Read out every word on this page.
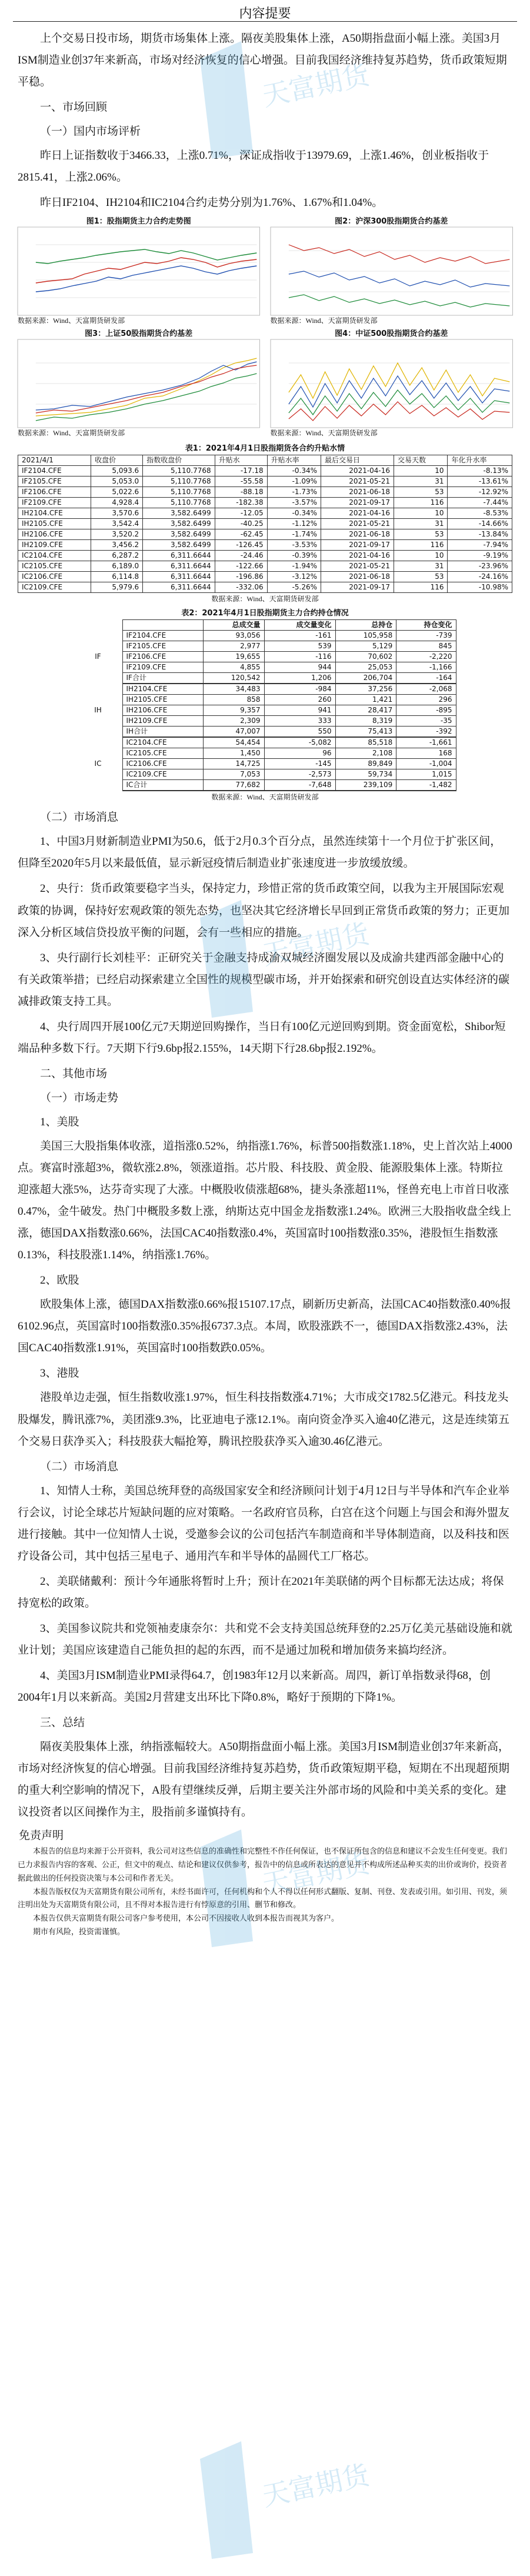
内容提要

上个交易日投市场，期货市场集体上涨。隔夜美股集体上涨，A50期指盘面小幅上涨。美国3月ISM制造业创37年来新高，市场对经济恢复的信心增强。目前我国经济维持复苏趋势，货币政策短期平稳。

一、市场回顾
（一）国内市场评析

昨日上证指数收于3466.33，上涨0.71%，深证成指收于13979.69，上涨1.46%，创业板指收于2815.41，上涨2.06%。

昨日IF2104、IH2104和IC2104合约走势分别为1.76%、1.67%和1.04%。

图1：股指期货主力合约走势图
数据来源：Wind、天富期货研发部
图2：沪深300股指期货合约基差
数据来源：Wind、天富期货研发部
图3：上证50股指期货合约基差
数据来源：Wind、天富期货研发部
图4：中证500股指期货合约基差
数据来源：Wind、天富期货研发部
表1：2021年4月1日股指期货各合约升贴水情
2021/4/1	收盘价	指数收盘价	升贴水	升贴水率	最后交易日	交易天数	年化升水率
IF2104.CFE	5,093.6	5,110.7768	-17.18	-0.34%	2021-04-16	10	-8.13%
IF2105.CFE	5,053.0	5,110.7768	-55.58	-1.09%	2021-05-21	31	-13.61%
IF2106.CFE	5,022.6	5,110.7768	-88.18	-1.73%	2021-06-18	53	-12.92%
IF2109.CFE	4,928.4	5,110.7768	-182.38	-3.57%	2021-09-17	116	-7.44%
IH2104.CFE	3,570.6	3,582.6499	-12.05	-0.34%	2021-04-16	10	-8.53%
IH2105.CFE	3,542.4	3,582.6499	-40.25	-1.12%	2021-05-21	31	-14.66%
IH2106.CFE	3,520.2	3,582.6499	-62.45	-1.74%	2021-06-18	53	-13.84%
IH2109.CFE	3,456.2	3,582.6499	-126.45	-3.53%	2021-09-17	116	-7.94%
IC2104.CFE	6,287.2	6,311.6644	-24.46	-0.39%	2021-04-16	10	-9.19%
IC2105.CFE	6,189.0	6,311.6644	-122.66	-1.94%	2021-05-21	31	-23.96%
IC2106.CFE	6,114.8	6,311.6644	-196.86	-3.12%	2021-06-18	53	-24.16%
IC2109.CFE	5,979.6	6,311.6644	-332.06	-5.26%	2021-09-17	116	-10.98%
数据来源：Wind、天富期货研发部
表2：2021年4月1日股指期货主力合约持仓情况
		总成交量	成交量变化	总持仓	持仓变化
IF	IF2104.CFE	93,056	-161	105,958	-739
	IF2105.CFE	2,977	539	5,129	845
	IF2106.CFE	19,655	-116	70,602	-2,220
	IF2109.CFE	4,855	944	25,053	-1,166
	IF合计	120,542	1,206	206,704	-164
IH	IH2104.CFE	34,483	-984	37,256	-2,068
	IH2105.CFE	858	260	1,421	296
	IH2106.CFE	9,357	941	28,417	-895
	IH2109.CFE	2,309	333	8,319	-35
	IH合计	47,007	550	75,413	-392
IC	IC2104.CFE	54,454	-5,082	85,518	-1,661
	IC2105.CFE	1,450	96	2,108	168
	IC2106.CFE	14,725	-145	89,849	-1,004
	IC2109.CFE	7,053	-2,573	59,734	1,015
	IC合计	77,682	-7,648	239,109	-1,482
数据来源：Wind、天富期货研发部
（二）市场消息

1、中国3月财新制造业PMI为50.6，低于2月0.3个百分点，虽然连续第十一个月位于扩张区间，但降至2020年5月以来最低值，显示新冠疫情后制造业扩张速度进一步放缓放缓。

2、央行：货币政策要稳字当头，保持定力，珍惜正常的货币政策空间，以我为主开展国际宏观政策的协调，保持好宏观政策的领先态势，也坚决其它经济增长早回到正常货币政策的努力；正更加深入分析区域信贷投放平衡的问题，会有一些相应的措施。

3、央行副行长刘桂平：正研究关于金融支持成渝双城经济圈发展以及成渝共建西部金融中心的有关政策举措；已经启动探索建立全国性的规模型碳市场，并开始探索和研究创设直达实体经济的碳减排政策支持工具。

4、央行周四开展100亿元7天期逆回购操作，当日有100亿元逆回购到期。资金面宽松，Shibor短端品种多数下行。7天期下行9.6bp报2.155%，14天期下行28.6bp报2.192%。

二、其他市场
（一）市场走势
1、美股

美国三大股指集体收涨，道指涨0.52%，纳指涨1.76%，标普500指数涨1.18%，史上首次站上4000点。赛富时涨超3%，微软涨2.8%，领涨道指。芯片股、科技股、黄金股、能源股集体上涨。特斯拉迎涨超大涨5%，达芬奇实现了大涨。中概股收债涨超68%，捷头条涨超11%，怪兽充电上市首日收涨0.47%，金牛破发。热门中概股多数上涨，纳斯达克中国金龙指数涨1.24%。欧洲三大股指收盘全线上涨，德国DAX指数涨0.66%，法国CAC40指数涨0.4%，英国富时100指数涨0.35%，港股恒生指数涨0.13%，科技股涨1.14%，纳指涨1.76%。

2、欧股

欧股集体上涨，德国DAX指数涨0.66%报15107.17点，刷新历史新高，法国CAC40指数涨0.40%报6102.96点，英国富时100指数涨0.35%报6737.3点。本周，欧股涨跌不一，德国DAX指数涨2.43%，法国CAC40指数涨1.91%，英国富时100指数跌0.05%。

3、港股

港股单边走强，恒生指数收涨1.97%，恒生科技指数涨4.71%；大市成交1782.5亿港元。科技龙头股爆发，腾讯涨7%，美团涨9.3%，比亚迪电子涨12.1%。南向资金净买入逾40亿港元，这是连续第五个交易日获净买入；科技股获大幅抢筹，腾讯控股获净买入逾30.46亿港元。

（二）市场消息

1、知情人士称，美国总统拜登的高级国家安全和经济顾问计划于4月12日与半导体和汽车企业举行会议，讨论全球芯片短缺问题的应对策略。一名政府官员称，白宫在这个问题上与国会和海外盟友进行接触。其中一位知情人士说，受邀参会议的公司包括汽车制造商和半导体制造商，以及科技和医疗设备公司，其中包括三星电子、通用汽车和半导体的晶圆代工厂格芯。

2、美联储戴利：预计今年通胀将暂时上升；预计在2021年美联储的两个目标都无法达成；将保持宽松的政策。

3、美国参议院共和党领袖麦康奈尔：共和党不会支持美国总统拜登的2.25万亿美元基础设施和就业计划；美国应该建造自己能负担的起的东西，而不是通过加税和增加债务来搞均经济。

4、美国3月ISM制造业PMI录得64.7，创1983年12月以来新高。周四，新订单指数录得68，创2004年1月以来新高。美国2月营建支出环比下降0.8%，略好于预期的下降1%。

三、总结

隔夜美股集体上涨，纳指涨幅较大。A50期指盘面小幅上涨。美国3月ISM制造业创37年来新高，市场对经济恢复的信心增强。目前我国经济维持复苏趋势，货币政策短期平稳，短期在不出现超预期的重大利空影响的情况下，A股有望继续反弹，后期主要关注外部市场的风险和中美关系的变化。建议投资者以区间操作为主，股指前多谨慎持有。

免责声明

本报告的信息均来源于公开资料，我公司对这些信息的准确性和完整性不作任何保证，也不保证所包含的信息和建议不会发生任何变更。我们已力求报告内容的客观、公正，但文中的观点、结论和建议仅供参考，报告中的信息或所表达的意见并不构成所述品种买卖的出价或询价，投资者据此做出的任何投资决策与本公司和作者无关。

本报告版权仅为天富期货有限公司所有，未经书面许可，任何机构和个人不得以任何形式翻版、复制、刊登、发表或引用。如引用、刊发，须注明出处为天富期货有限公司，且不得对本报告进行有悖原意的引用、删节和修改。

本报告仅供天富期货有限公司客户参考使用，本公司不因接收人收到本报告而视其为客户。

期市有风险，投资需谨慎。

天富期货
天富期货
天富期货
天富期货
